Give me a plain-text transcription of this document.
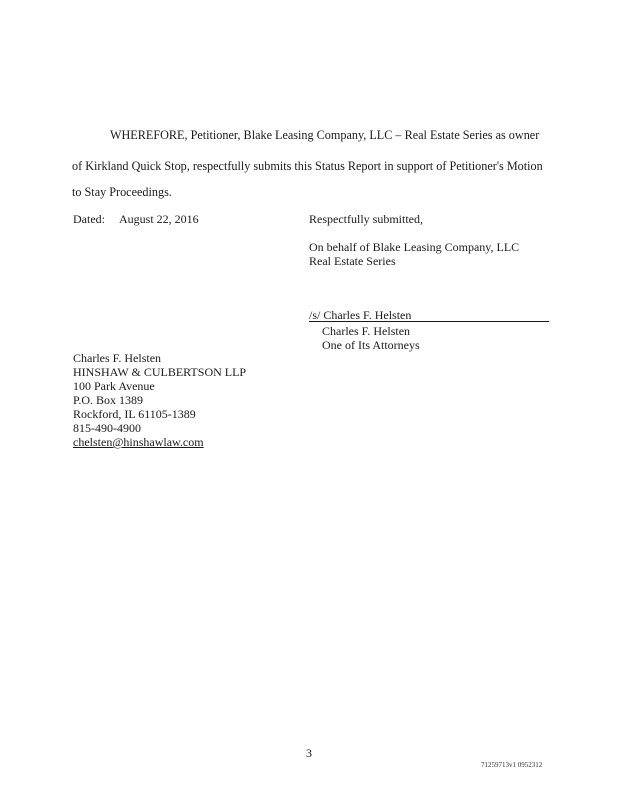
WHEREFORE, Petitioner, Blake Leasing Company, LLC – Real Estate Series as owner
of Kirkland Quick Stop, respectfully submits this Status Report in support of Petitioner's Motion
to Stay Proceedings.
Dated: August 22, 2016	Respectfully submitted,
On behalf of Blake Leasing Company, LLC
Real Estate Series
/s/ Charles F. Helsten
Charles F. Helsten
One of Its Attorneys
Charles F. Helsten
HINSHAW & CULBERTSON LLP
100 Park Avenue
P.O. Box 1389
Rockford, IL 61105-1389
815-490-4900
chelsten@hinshawlaw.com
3
71259713v1 0952312
